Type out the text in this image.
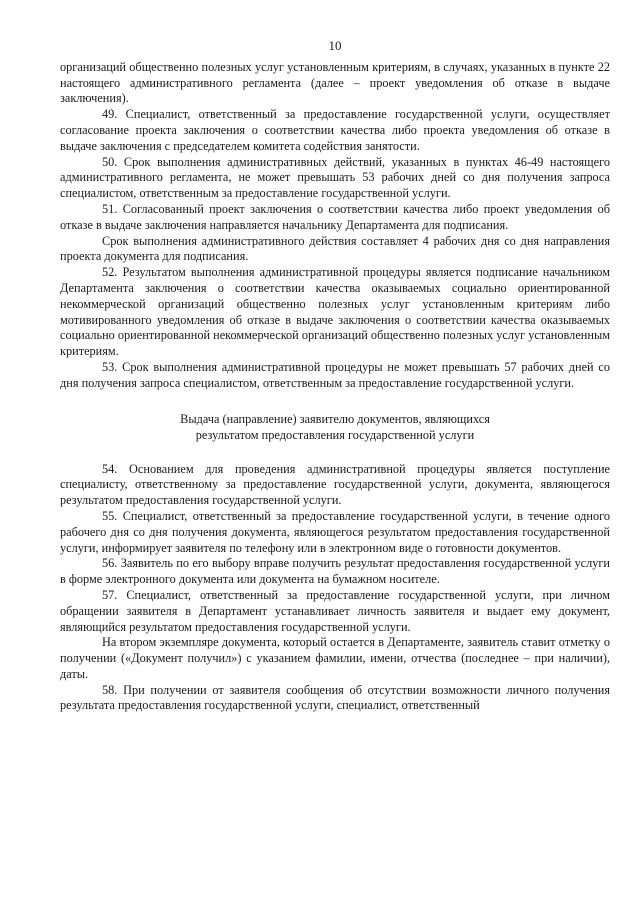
10

организаций общественно полезных услуг установленным критериям, в случаях, указанных в пункте 22 настоящего административного регламента (далее – проект уведомления об отказе в выдаче заключения).

49. Специалист, ответственный за предоставление государственной услуги, осуществляет согласование проекта заключения о соответствии качества либо проекта уведомления об отказе в выдаче заключения с председателем комитета содействия занятости.

50. Срок выполнения административных действий, указанных в пунктах 46-49 настоящего административного регламента, не может превышать 53 рабочих дней со дня получения запроса специалистом, ответственным за предоставление государственной услуги.

51. Согласованный проект заключения о соответствии качества либо проект уведомления об отказе в выдаче заключения направляется начальнику Департамента для подписания.

Срок выполнения административного действия составляет 4 рабочих дня со дня направления проекта документа для подписания.

52. Результатом выполнения административной процедуры является подписание начальником Департамента заключения о соответствии качества оказываемых социально ориентированной некоммерческой организаций общественно полезных услуг установленным критериям либо мотивированного уведомления об отказе в выдаче заключения о соответствии качества оказываемых социально ориентированной некоммерческой организаций общественно полезных услуг установленным критериям.

53. Срок выполнения административной процедуры не может превышать 57 рабочих дней со дня получения запроса специалистом, ответственным за предоставление государственной услуги.

Выдача (направление) заявителю документов, являющихся
результатом предоставления государственной услуги

54. Основанием для проведения административной процедуры является поступление специалисту, ответственному за предоставление государственной услуги, документа, являющегося результатом предоставления государственной услуги.

55. Специалист, ответственный за предоставление государственной услуги, в течение одного рабочего дня со дня получения документа, являющегося результатом предоставления государственной услуги, информирует заявителя по телефону или в электронном виде о готовности документов.

56. Заявитель по его выбору вправе получить результат предоставления государственной услуги в форме электронного документа или документа на бумажном носителе.

57. Специалист, ответственный за предоставление государственной услуги, при личном обращении заявителя в Департамент устанавливает личность заявителя и выдает ему документ, являющийся результатом предоставления государственной услуги.

На втором экземпляре документа, который остается в Департаменте, заявитель ставит отметку о получении («Документ получил») с указанием фамилии, имени, отчества (последнее – при наличии), даты.

58. При получении от заявителя сообщения об отсутствии возможности личного получения результата предоставления государственной услуги, специалист, ответственный
